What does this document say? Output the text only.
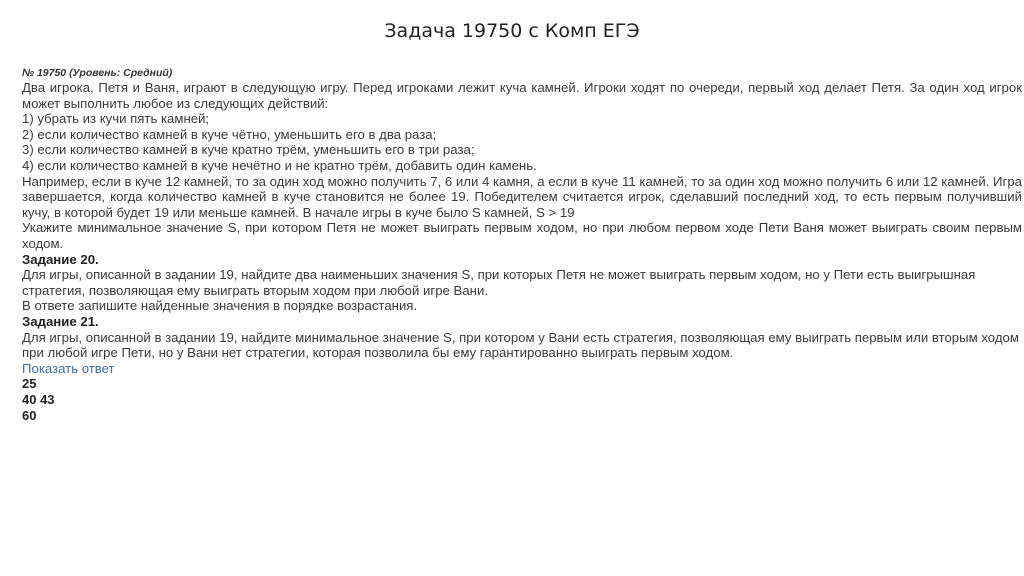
Задача 19750 с Комп ЕГЭ

№ 19750 (Уровень: Средний)

Два игрока, Петя и Ваня, играют в следующую игру. Перед игроками лежит куча камней. Игроки ходят по очереди, первый ход делает Петя. За один ход игрок может выполнить любое из следующих действий:

1) убрать из кучи пять камней;

2) если количество камней в куче чётно, уменьшить его в два раза;

3) если количество камней в куче кратно трём, уменьшить его в три раза;

4) если количество камней в куче нечётно и не кратно трём, добавить один камень.

Например, если в куче 12 камней, то за один ход можно получить 7, 6 или 4 камня, а если в куче 11 камней, то за один ход можно получить 6 или 12 камней. Игра завершается, когда количество камней в куче становится не более 19. Победителем считается игрок, сделавший последний ход, то есть первым получивший кучу, в которой будет 19 или меньше камней. В начале игры в куче было S камней, S > 19

Укажите минимальное значение S, при котором Петя не может выиграть первым ходом, но при любом первом ходе Пети Ваня может выиграть своим первым ходом.

Задание 20.

Для игры, описанной в задании 19, найдите два наименьших значения S, при которых Петя не может выиграть первым ходом, но у Пети есть выигрышная стратегия, позволяющая ему выиграть вторым ходом при любой игре Вани.

В ответе запишите найденные значения в порядке возрастания.

Задание 21.

Для игры, описанной в задании 19, найдите минимальное значение S, при котором у Вани есть стратегия, позволяющая ему выиграть первым или вторым ходом при любой игре Пети, но у Вани нет стратегии, которая позволила бы ему гарантированно выиграть первым ходом.

Показать ответ

25

40 43

60
